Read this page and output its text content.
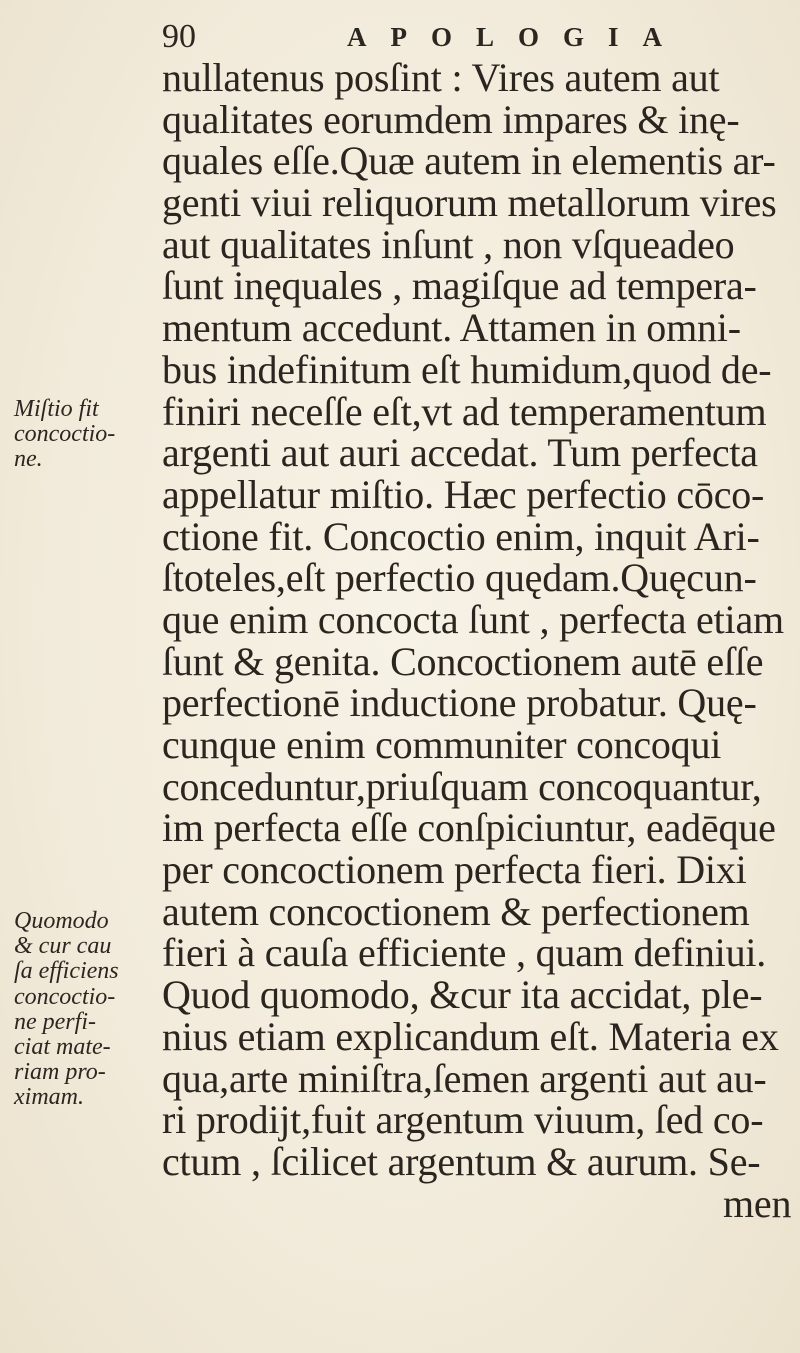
90	APOLOGIA
Miſtio fit
concoctio-
ne.
Quomodo
& cur cau
ſa efficiens
concoctio-
ne perfi-
ciat mate-
riam pro-
ximam.
nullatenus posſint : Vires autem aut
qualitates eorumdem impares & inę-
quales eſſe.Quæ autem in elementis ar-
genti viui reliquorum metallorum vires
aut qualitates inſunt , non vſqueadeo
ſunt inęquales , magiſque ad tempera-
mentum accedunt. Attamen in omni-
bus indefinitum eſt humidum,quod de-
finiri neceſſe eſt,vt ad temperamentum
argenti aut auri accedat. Tum perfecta
appellatur miſtio. Hæc perfectio cōco-
ctione fit. Concoctio enim, inquit Ari-
ſtoteles,eſt perfectio quędam.Quęcun-
que enim concocta ſunt , perfecta etiam
ſunt & genita. Concoctionem autē eſſe
perfectionē inductione probatur. Quę-
cunque enim communiter concoqui
conceduntur,priuſquam concoquantur,
im perfecta eſſe conſpiciuntur, eadēque
per concoctionem perfecta fieri. Dixi
autem concoctionem & perfectionem
fieri à cauſa efficiente , quam definiui.
Quod quomodo, &cur ita accidat, ple-
nius etiam explicandum eſt. Materia ex
qua,arte miniſtra,ſemen argenti aut au-
ri prodijt,fuit argentum viuum, ſed co-
ctum , ſcilicet argentum & aurum. Se-
men
